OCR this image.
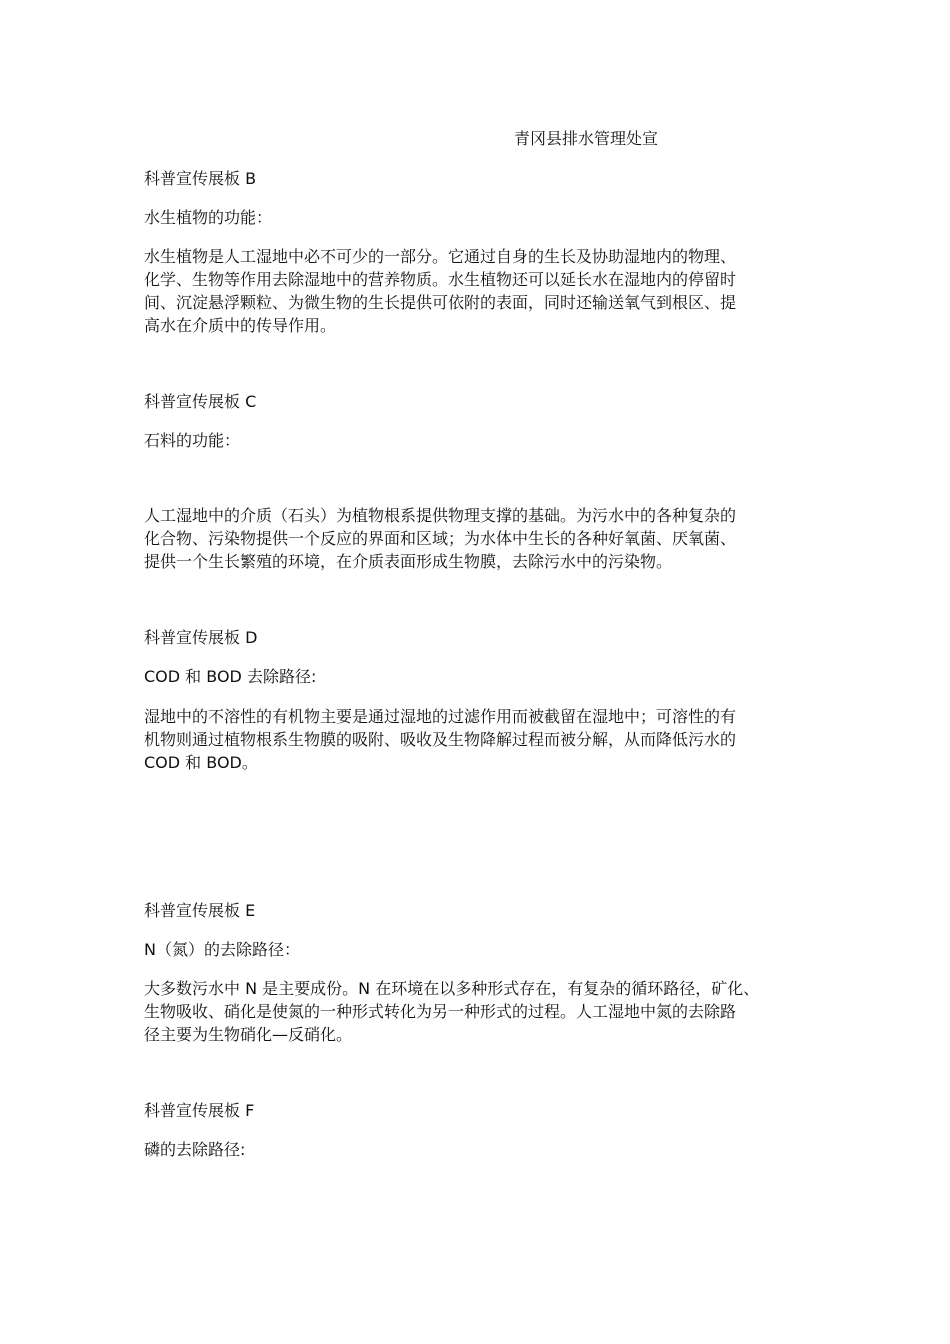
青冈县排水管理处宣
科普宣传展板 B
水生植物的功能：
水生植物是人工湿地中必不可少的一部分。它通过自身的生长及协助湿地内的物理、
化学、生物等作用去除湿地中的营养物质。水生植物还可以延长水在湿地内的停留时
间、沉淀悬浮颗粒、为微生物的生长提供可依附的表面，同时还输送氧气到根区、提
高水在介质中的传导作用。
科普宣传展板 C
石料的功能：
人工湿地中的介质（石头）为植物根系提供物理支撑的基础。为污水中的各种复杂的
化合物、污染物提供一个反应的界面和区域；为水体中生长的各种好氧菌、厌氧菌、
提供一个生长繁殖的环境，在介质表面形成生物膜，去除污水中的污染物。
科普宣传展板 D
COD 和 BOD 去除路径:
湿地中的不溶性的有机物主要是通过湿地的过滤作用而被截留在湿地中；可溶性的有
机物则通过植物根系生物膜的吸附、吸收及生物降解过程而被分解，从而降低污水的
COD 和 BOD。
科普宣传展板 E
N（氮）的去除路径：
大多数污水中 N 是主要成份。N 在环境在以多种形式存在，有复杂的循环路径，矿化、
生物吸收、硝化是使氮的一种形式转化为另一种形式的过程。人工湿地中氮的去除路
径主要为生物硝化—反硝化。
科普宣传展板 F
磷的去除路径:
